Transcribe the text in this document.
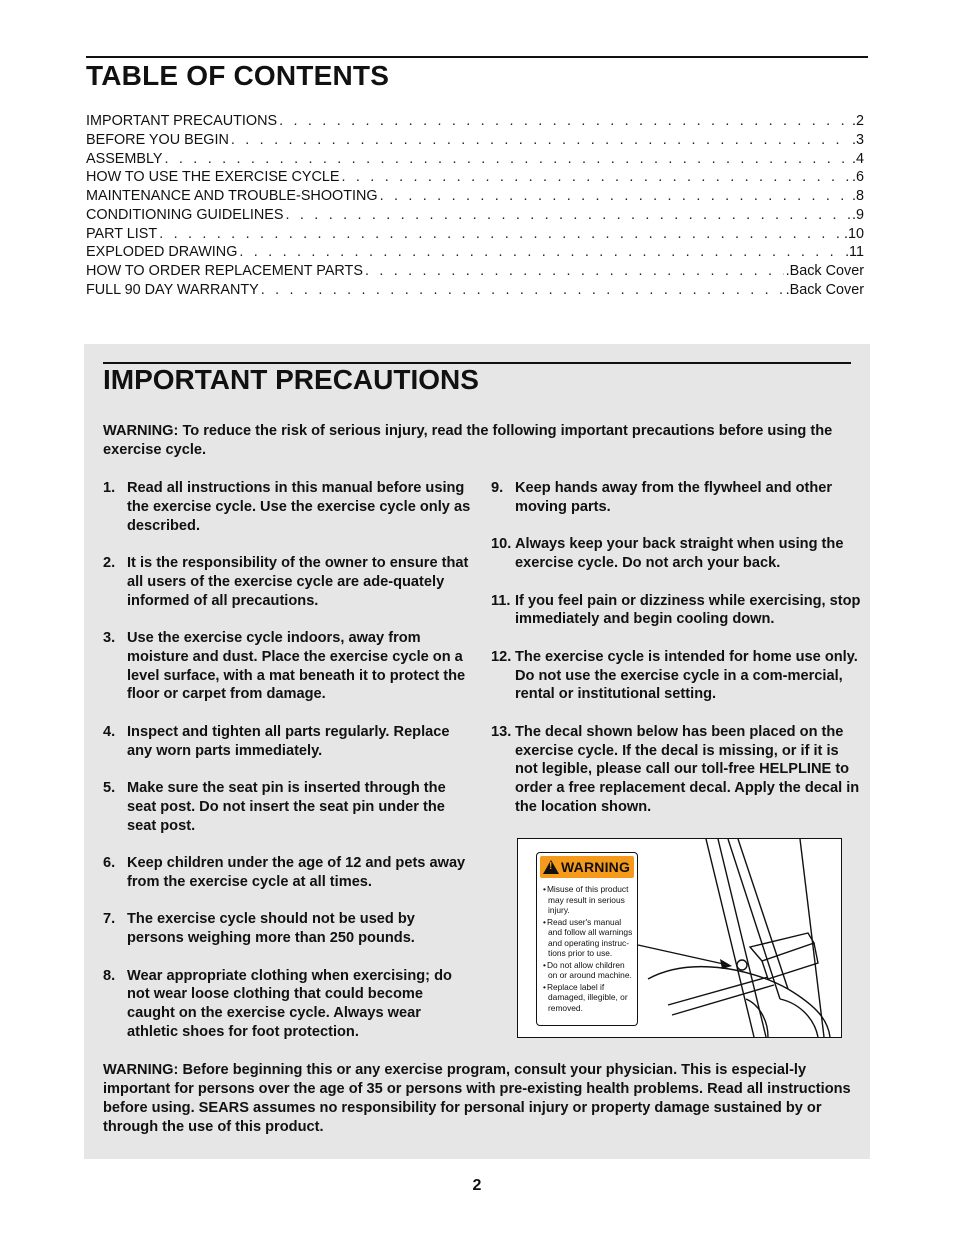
TABLE OF CONTENTS
IMPORTANT PRECAUTIONS . . .	.2
BEFORE YOU BEGIN . . .	.3
ASSEMBLY . . .	.4
HOW TO USE THE EXERCISE CYCLE . . .	.6
MAINTENANCE AND TROUBLE-SHOOTING . . .	.8
CONDITIONING GUIDELINES . . .	.9
PART LIST . . .	.10
EXPLODED DRAWING . . .	.11
HOW TO ORDER REPLACEMENT PARTS . . .	.Back Cover
FULL 90 DAY WARRANTY . . .	.Back Cover
IMPORTANT PRECAUTIONS

WARNING: To reduce the risk of serious injury, read the following important precautions before using the exercise cycle.

1. Read all instructions in this manual before using the exercise cycle. Use the exercise cycle only as described.
2. It is the responsibility of the owner to ensure that all users of the exercise cycle are ade-quately informed of all precautions.
3. Use the exercise cycle indoors, away from moisture and dust. Place the exercise cycle on a level surface, with a mat beneath it to protect the floor or carpet from damage.
4. Inspect and tighten all parts regularly. Replace any worn parts immediately.
5. Make sure the seat pin is inserted through the seat post. Do not insert the seat pin under the seat post.
6. Keep children under the age of 12 and pets away from the exercise cycle at all times.
7. The exercise cycle should not be used by persons weighing more than 250 pounds.
8. Wear appropriate clothing when exercising; do not wear loose clothing that could become caught on the exercise cycle. Always wear athletic shoes for foot protection.
9. Keep hands away from the flywheel and other moving parts.
10. Always keep your back straight when using the exercise cycle. Do not arch your back.
11. If you feel pain or dizziness while exercising, stop immediately and begin cooling down.
12. The exercise cycle is intended for home use only. Do not use the exercise cycle in a com-mercial, rental or institutional setting.
13. The decal shown below has been placed on the exercise cycle. If the decal is missing, or if it is not legible, please call our toll-free HELPLINE to order a free replacement decal. Apply the decal in the location shown.
! WARNING
• Misuse of this product may result in serious injury.
• Read user's manual and follow all warnings and operating instruc-tions prior to use.
• Do not allow children on or around machine.
• Replace label if damaged, illegible, or removed.

WARNING: Before beginning this or any exercise program, consult your physician. This is especial-ly important for persons over the age of 35 or persons with pre-existing health problems. Read all instructions before using. SEARS assumes no responsibility for personal injury or property damage sustained by or through the use of this product.

2
